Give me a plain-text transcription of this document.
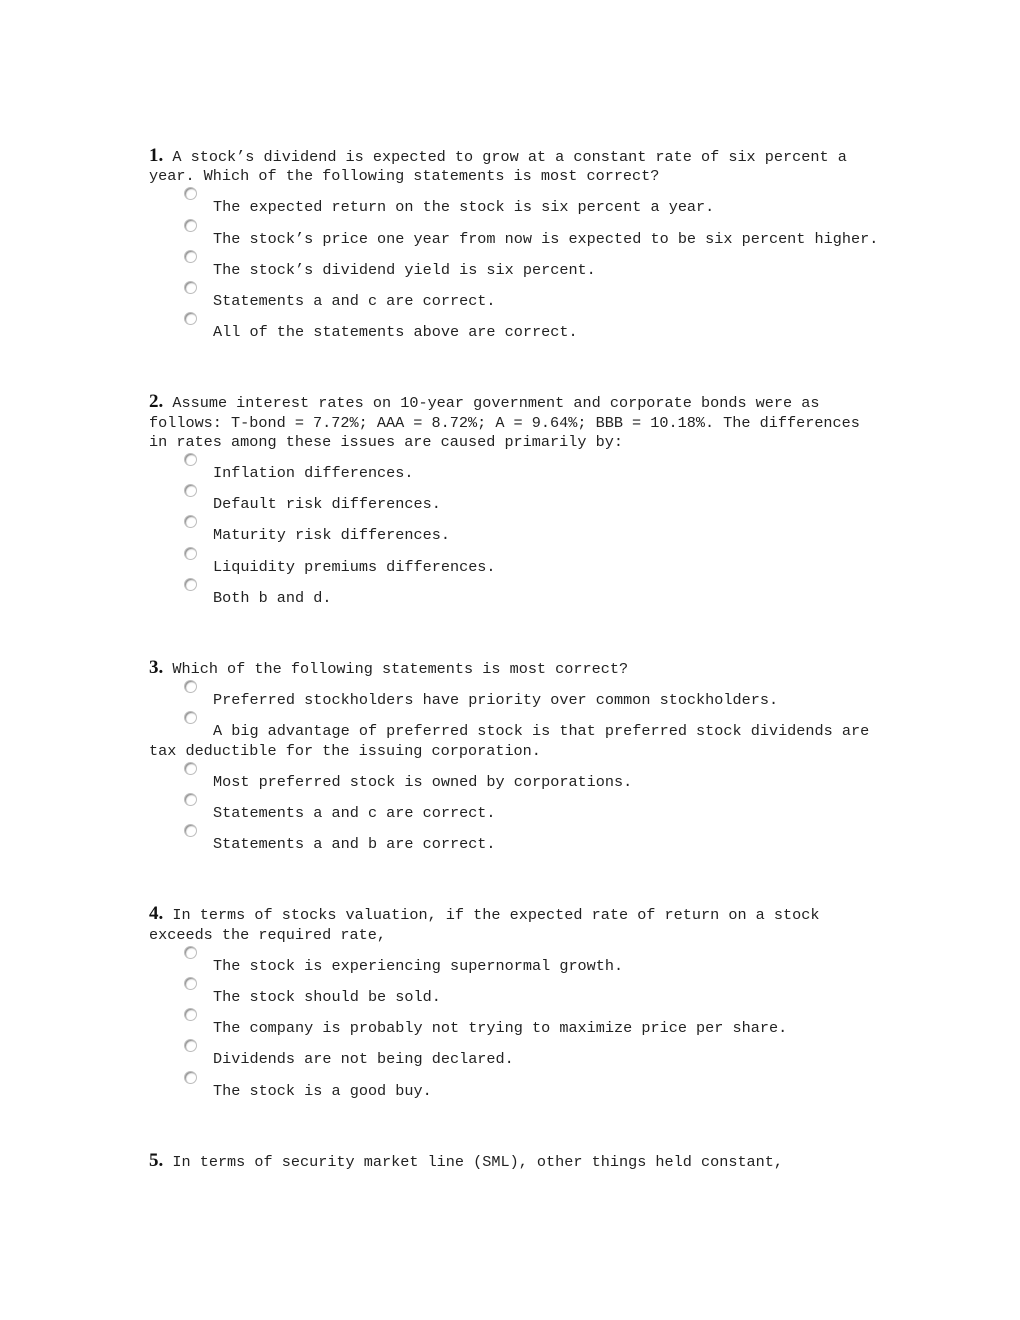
1. A stock’s dividend is expected to grow at a constant rate of six percent a year. Which of the following statements is most correct?

The expected return on the stock is six percent a year.
The stock’s price one year from now is expected to be six percent higher.
The stock’s dividend yield is six percent.
Statements a and c are correct.
All of the statements above are correct.

2. Assume interest rates on 10-year government and corporate bonds were as follows: T-bond = 7.72%; AAA = 8.72%; A = 9.64%; BBB = 10.18%. The differences in rates among these issues are caused primarily by:

Inflation differences.
Default risk differences.
Maturity risk differences.
Liquidity premiums differences.
Both b and d.

3. Which of the following statements is most correct?

Preferred stockholders have priority over common stockholders.
A big advantage of preferred stock is that preferred stock dividends are tax deductible for the issuing corporation.
Most preferred stock is owned by corporations.
Statements a and c are correct.
Statements a and b are correct.

4. In terms of stocks valuation, if the expected rate of return on a stock exceeds the required rate,

The stock is experiencing supernormal growth.
The stock should be sold.
The company is probably not trying to maximize price per share.
Dividends are not being declared.
The stock is a good buy.

5. In terms of security market line (SML), other things held constant,
